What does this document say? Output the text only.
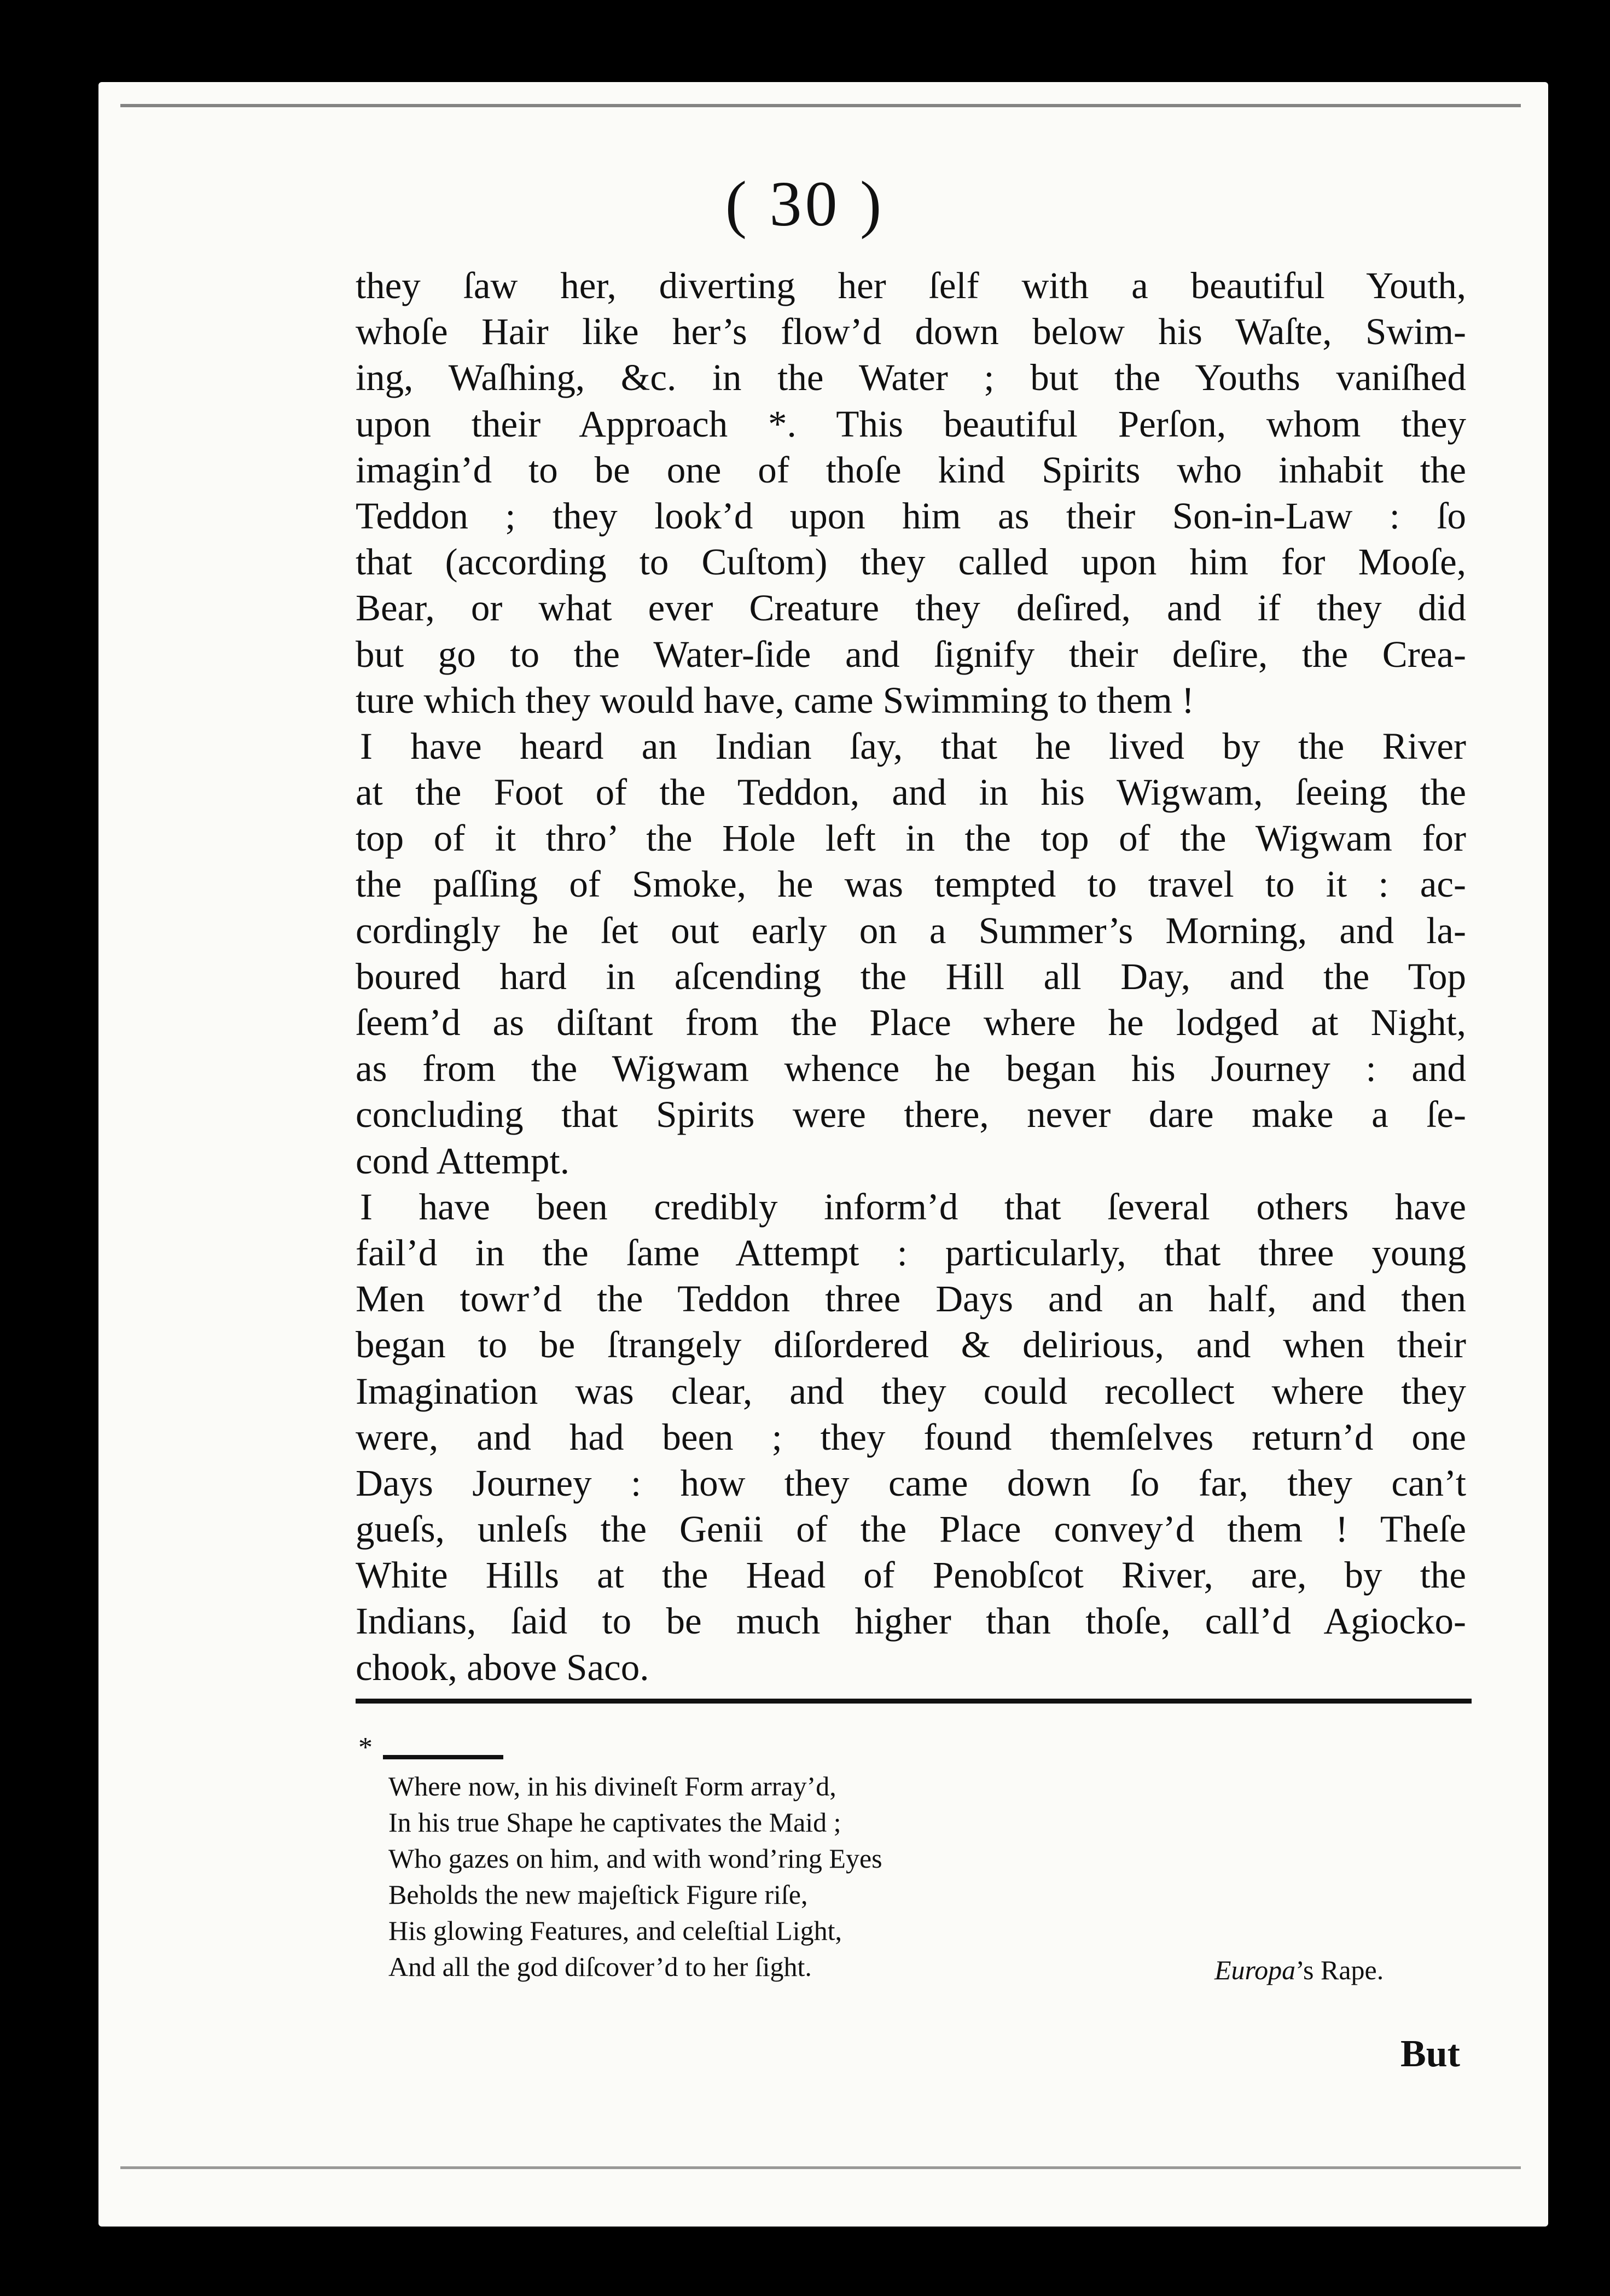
( 30 )
they ſaw her, diverting her ſelf with a beautiful Youth,
whoſe Hair like her’s flow’d down below his Waſte, Swim-
ing, Waſhing, &c. in the Water ; but the Youths vaniſhed
upon their Approach *. This beautiful Perſon, whom they
imagin’d to be one of thoſe kind Spirits who inhabit the
Teddon ; they look’d upon him as their Son-in-Law : ſo
that (according to Cuſtom) they called upon him for Mooſe,
Bear, or what ever Creature they deſired, and if they did
but go to the Water-ſide and ſignify their deſire, the Crea-
ture which they would have, came Swimming to them !
I have heard an Indian ſay, that he lived by the River
at the Foot of the Teddon, and in his Wigwam, ſeeing the
top of it thro’ the Hole left in the top of the Wigwam for
the paſſing of Smoke, he was tempted to travel to it : ac-
cordingly he ſet out early on a Summer’s Morning, and la-
boured hard in aſcending the Hill all Day, and the Top
ſeem’d as diſtant from the Place where he lodged at Night,
as from the Wigwam whence he began his Journey : and
concluding that Spirits were there, never dare make a ſe-
cond Attempt.
I have been credibly inform’d that ſeveral others have
fail’d in the ſame Attempt : particularly, that three young
Men towr’d the Teddon three Days and an half, and then
began to be ſtrangely diſordered & delirious, and when their
Imagination was clear, and they could recollect where they
were, and had been ; they found themſelves return’d one
Days Journey : how they came down ſo far, they can’t
gueſs, unleſs the Genii of the Place convey’d them ! Theſe
White Hills at the Head of Penobſcot River, are, by the
Indians, ſaid to be much higher than thoſe, call’d Agiocko-
chook, above Saco.
*
Where now, in his divineſt Form array’d,
In his true Shape he captivates the Maid ;
Who gazes on him, and with wond’ring Eyes
Beholds the new majeſtick Figure riſe,
His glowing Features, and celeſtial Light,
And all the god diſcover’d to her ſight.	Europa’s Rape.
But
